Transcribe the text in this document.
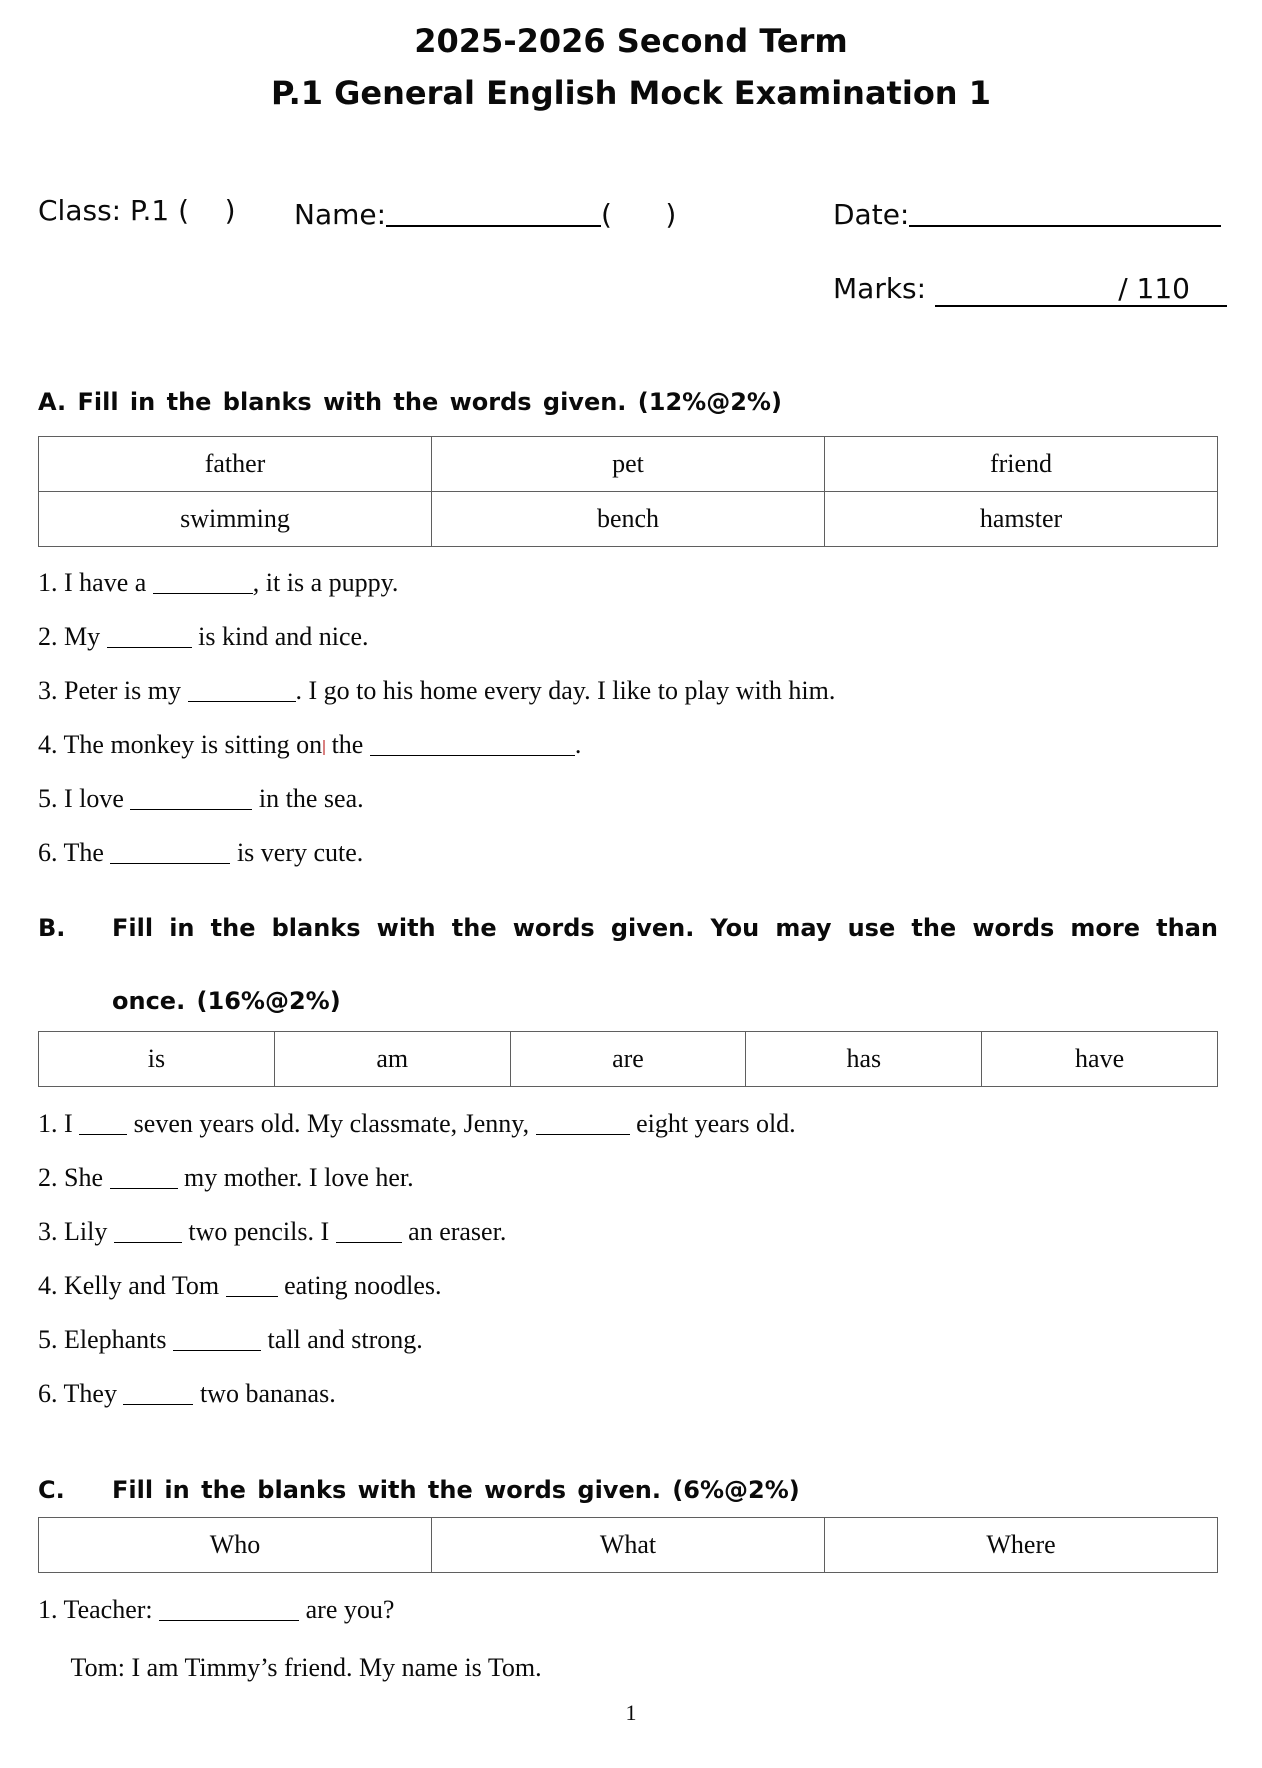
2025-2026 Second Term
P.1 General English Mock Examination 1
Class: P.1 (    ) Name:	(      )	Date:
Marks:	/ 110
A. Fill in the blanks with the words given. (12%@2%)
father	pet	friend
swimming	bench	hamster
1. I have a	, it is a puppy.
2. My	is kind and nice.
3. Peter is my	. I go to his home every day. I like to play with him.
4. The monkey is sitting on the	.
5. I love	in the sea.
6. The	is very cute.
B. Fill in the blanks with the words given. You may use the words more than
once. (16%@2%)
is	am	are	has	have
1. I  seven years old. My classmate, Jenny,	eight years old.
2. She	my mother. I love her.
3. Lily	two pencils. I	an eraser.
4. Kelly and Tom  eating noodles.
5. Elephants	tall and strong.
6. They	two bananas.
C. Fill in the blanks with the words given. (6%@2%)
Who	What	Where
1. Teacher:	are you?
Tom: I am Timmy’s friend. My name is Tom.
1
